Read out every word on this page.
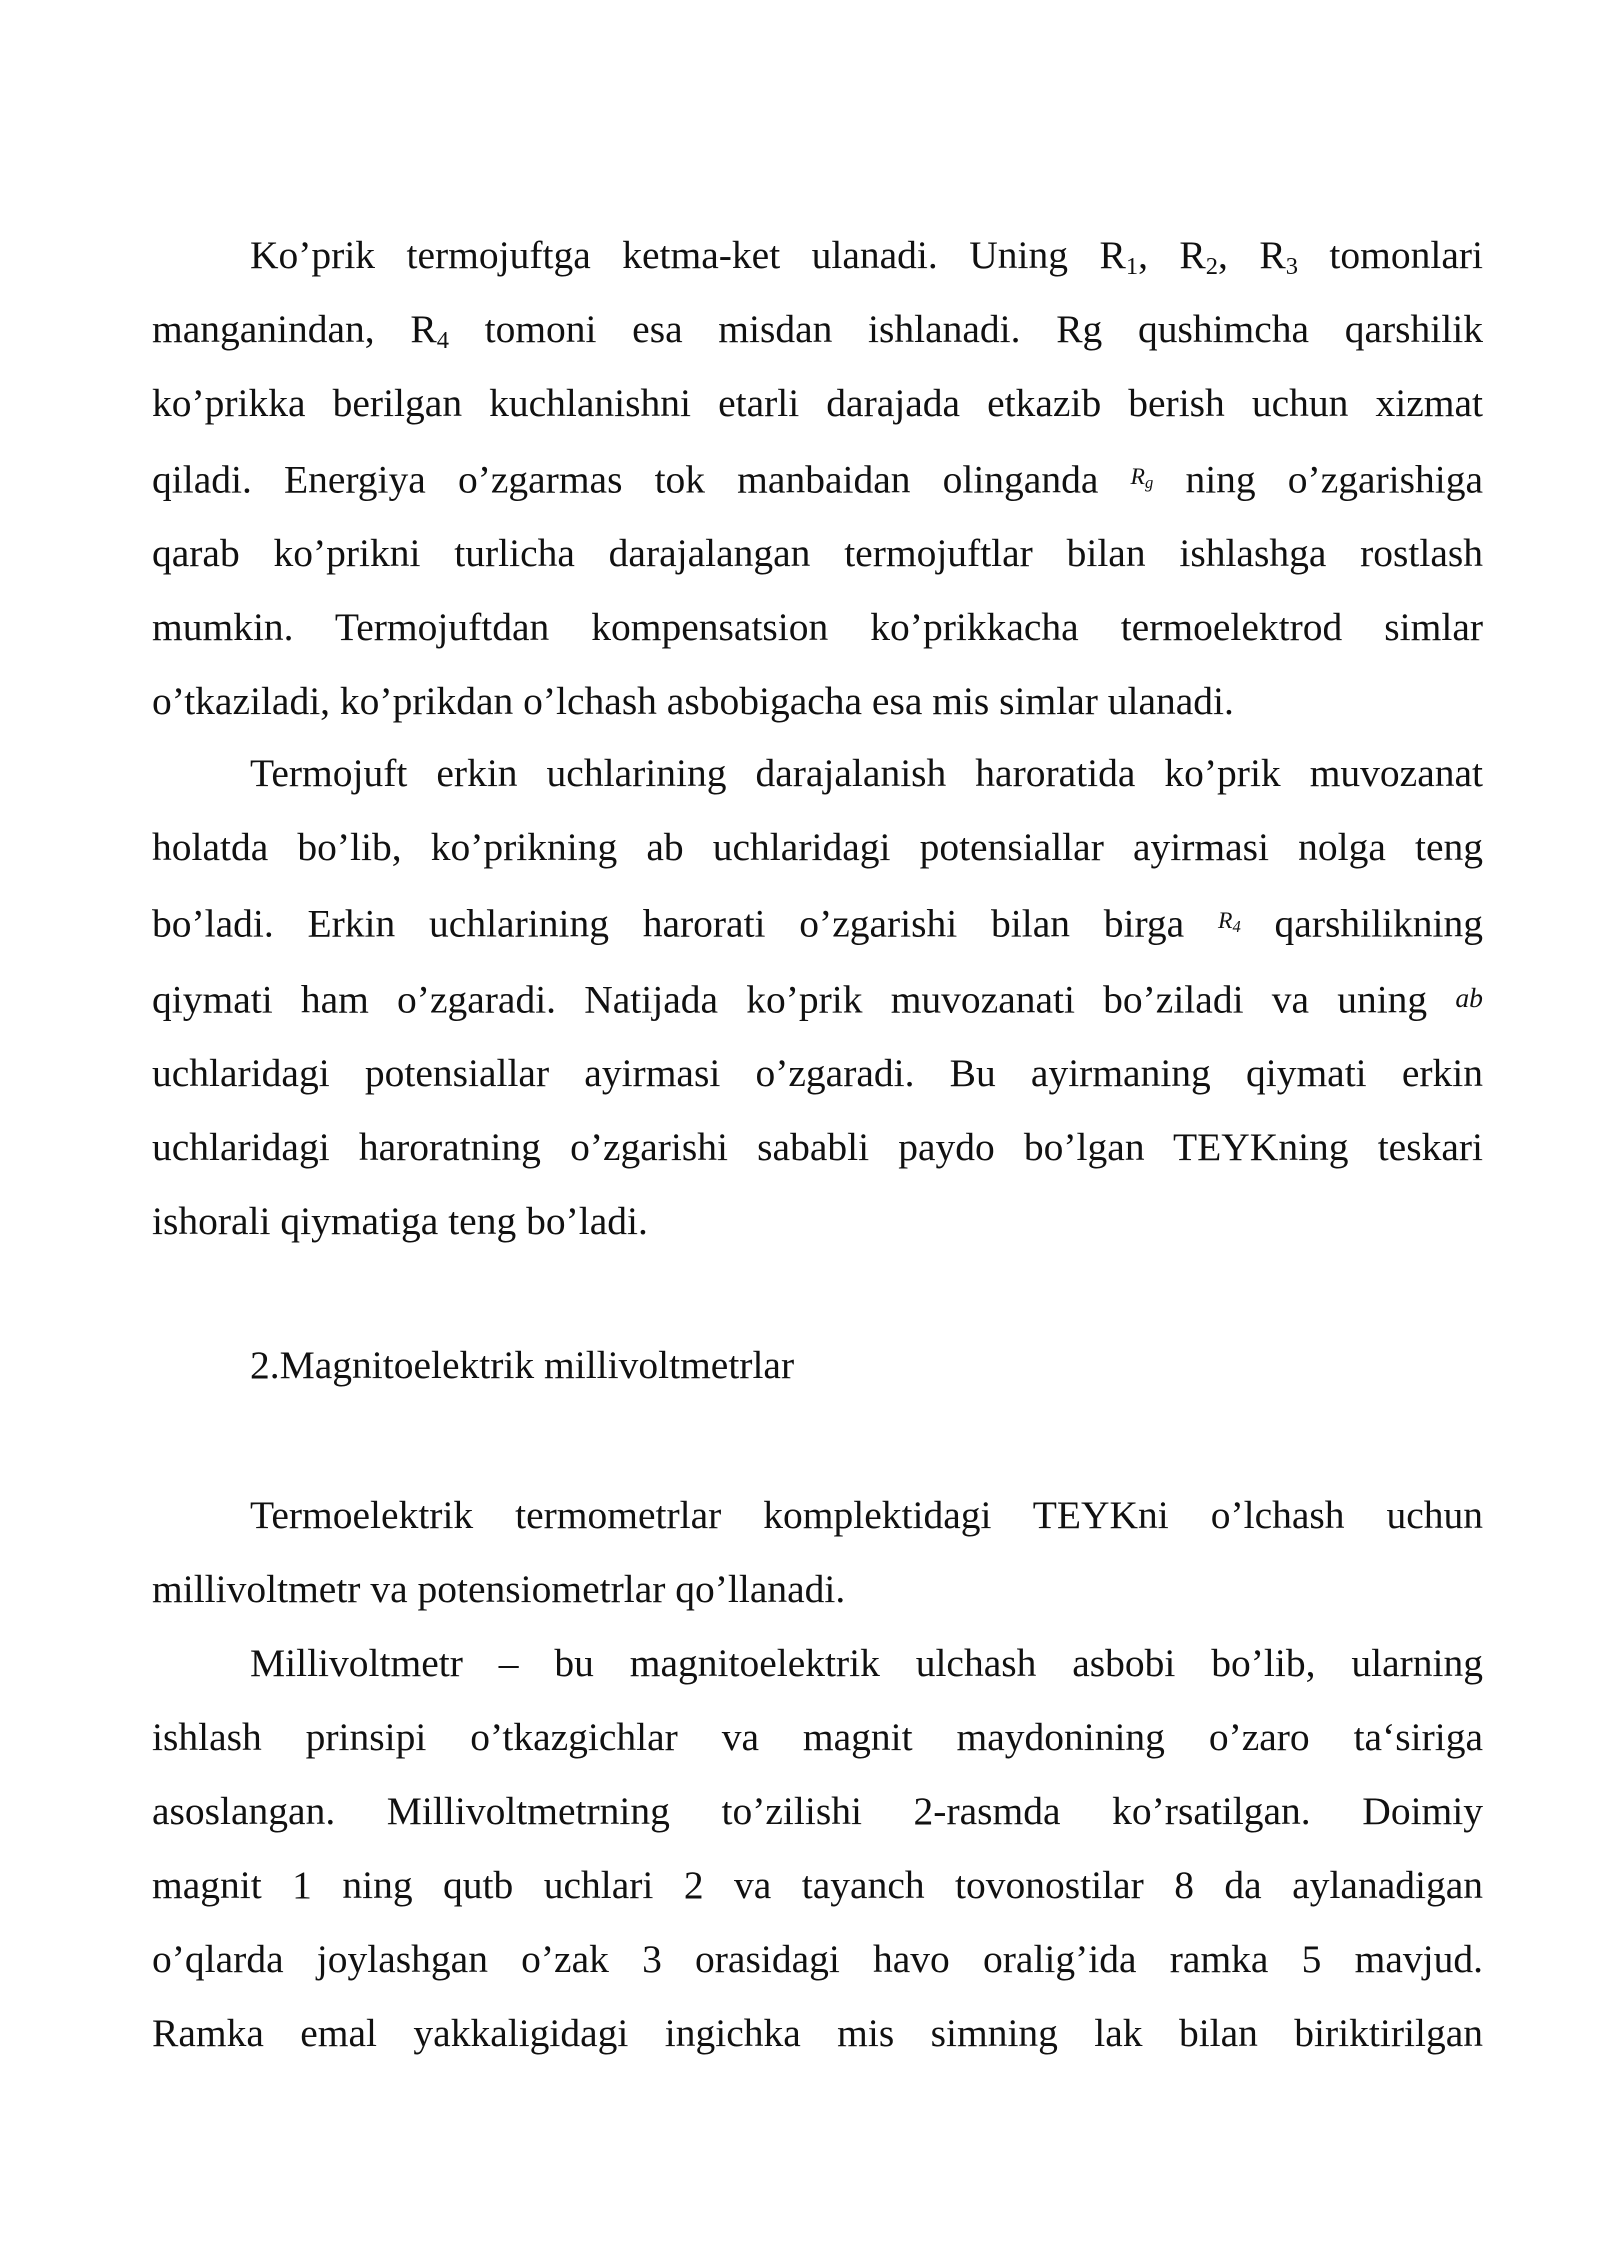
Ko’prik termojuftga ketma-ket ulanadi. Uning $R_1$, $R_2$, $R_3$ tomonlari
manganindan, $R_4$ tomoni esa misdan ishlanadi. Rg qushimcha qarshilik
ko’prikka berilgan kuchlanishni etarli darajada etkazib berish uchun xizmat
qiladi. Energiya o’zgarmas tok manbaidan olinganda $^{R_g}$ ning o’zgarishiga
qarab ko’prikni turlicha darajalangan termojuftlar bilan ishlashga rostlash
mumkin. Termojuftdan kompensatsion ko’prikkacha termoelektrod simlar
o’tkaziladi, ko’prikdan o’lchash asbobigacha esa mis simlar ulanadi.
Termojuft erkin uchlarining darajalanish haroratida ko’prik muvozanat
holatda bo’lib, ko’prikning ab uchlaridagi potensiallar ayirmasi nolga teng
bo’ladi. Erkin uchlarining harorati o’zgarishi bilan birga $^{R_4}$ qarshilikning
qiymati ham o’zgaradi. Natijada ko’prik muvozanati bo’ziladi va uning ab
uchlaridagi potensiallar ayirmasi o’zgaradi. Bu ayirmaning qiymati erkin
uchlaridagi haroratning o’zgarishi sababli paydo bo’lgan TEYKning teskari
ishorali qiymatiga teng bo’ladi.
2.Magnitoelektrik millivoltmetrlar
Termoelektrik termometrlar komplektidagi TEYKni o’lchash uchun
millivoltmetr va potensiometrlar qo’llanadi.
Millivoltmetr – bu magnitoelektrik ulchash asbobi bo’lib, ularning
ishlash prinsipi o’tkazgichlar va magnit maydonining o’zaro ta‘siriga
asoslangan. Millivoltmetrning to’zilishi 2-rasmda ko’rsatilgan. Doimiy
magnit 1 ning qutb uchlari 2 va tayanch tovonostilar 8 da aylanadigan
o’qlarda joylashgan o’zak 3 orasidagi havo oralig’ida ramka 5 mavjud.
Ramka emal yakkaligidagi ingichka mis simning lak bilan biriktirilgan
